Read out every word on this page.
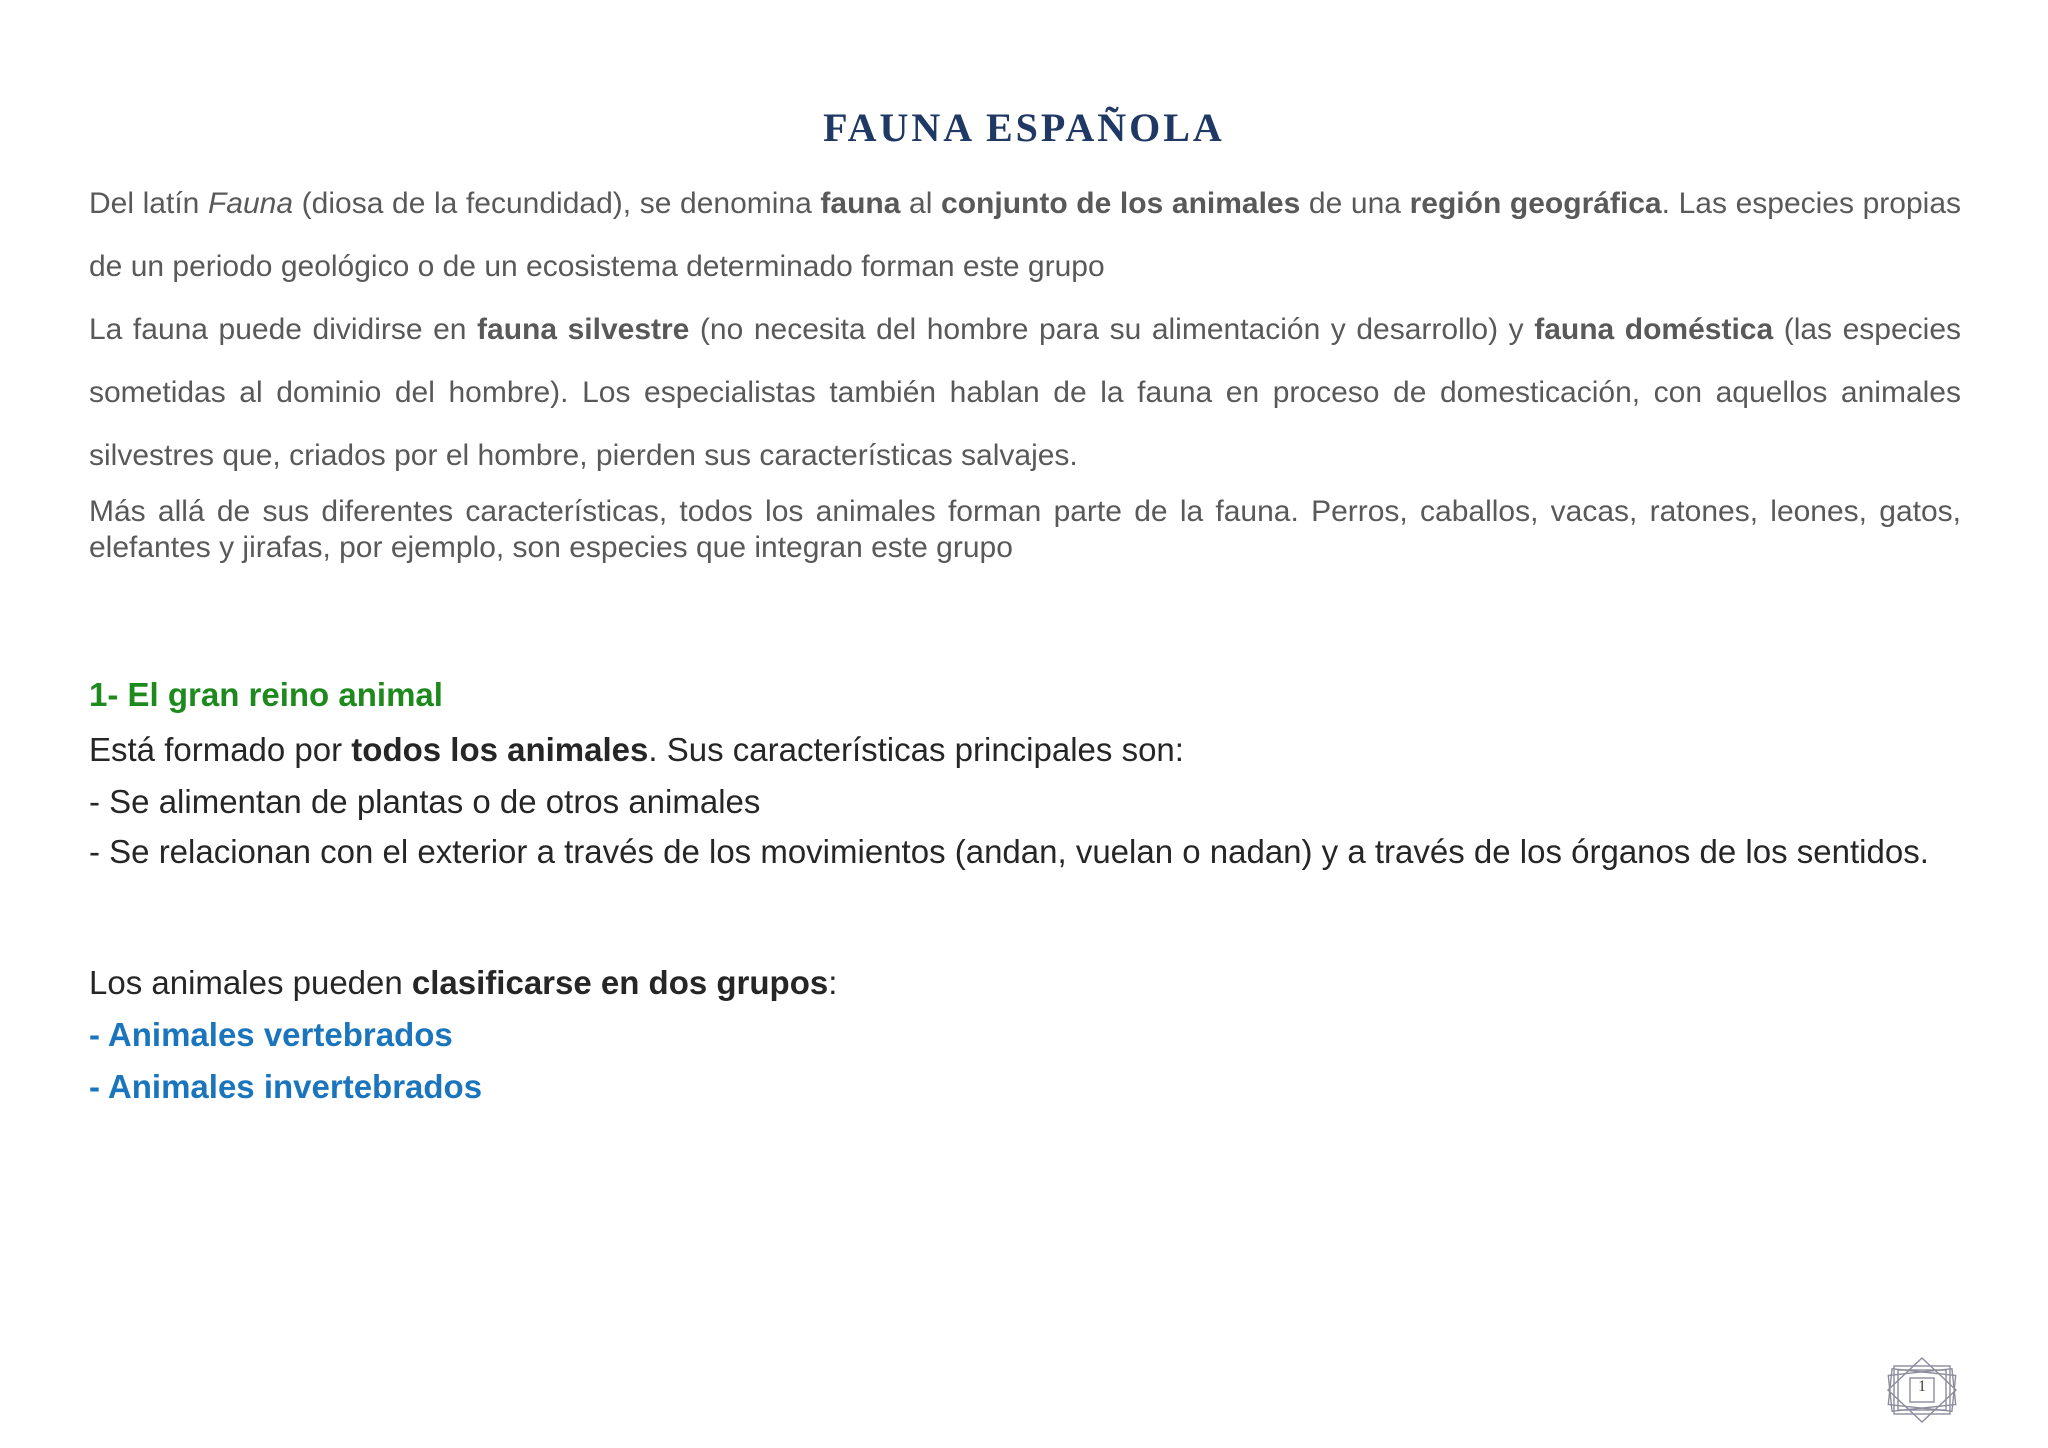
FAUNA ESPAÑOLA

Del latín Fauna (diosa de la fecundidad), se denomina fauna al conjunto de los animales de una región geográfica. Las especies propias de un periodo geológico o de un ecosistema determinado forman este grupo

La fauna puede dividirse en fauna silvestre (no necesita del hombre para su alimentación y desarrollo) y fauna doméstica (las especies sometidas al dominio del hombre). Los especialistas también hablan de la fauna en proceso de domesticación, con aquellos animales silvestres que, criados por el hombre, pierden sus características salvajes.

Más allá de sus diferentes características, todos los animales forman parte de la fauna. Perros, caballos, vacas, ratones, leones, gatos, elefantes y jirafas, por ejemplo, son especies que integran este grupo

1- El gran reino animal

Está formado por todos los animales. Sus características principales son:

- Se alimentan de plantas o de otros animales

- Se relacionan con el exterior a través de los movimientos (andan, vuelan o nadan) y a través de los órganos de los sentidos.

Los animales pueden clasificarse en dos grupos:

- Animales vertebrados

- Animales invertebrados

1
